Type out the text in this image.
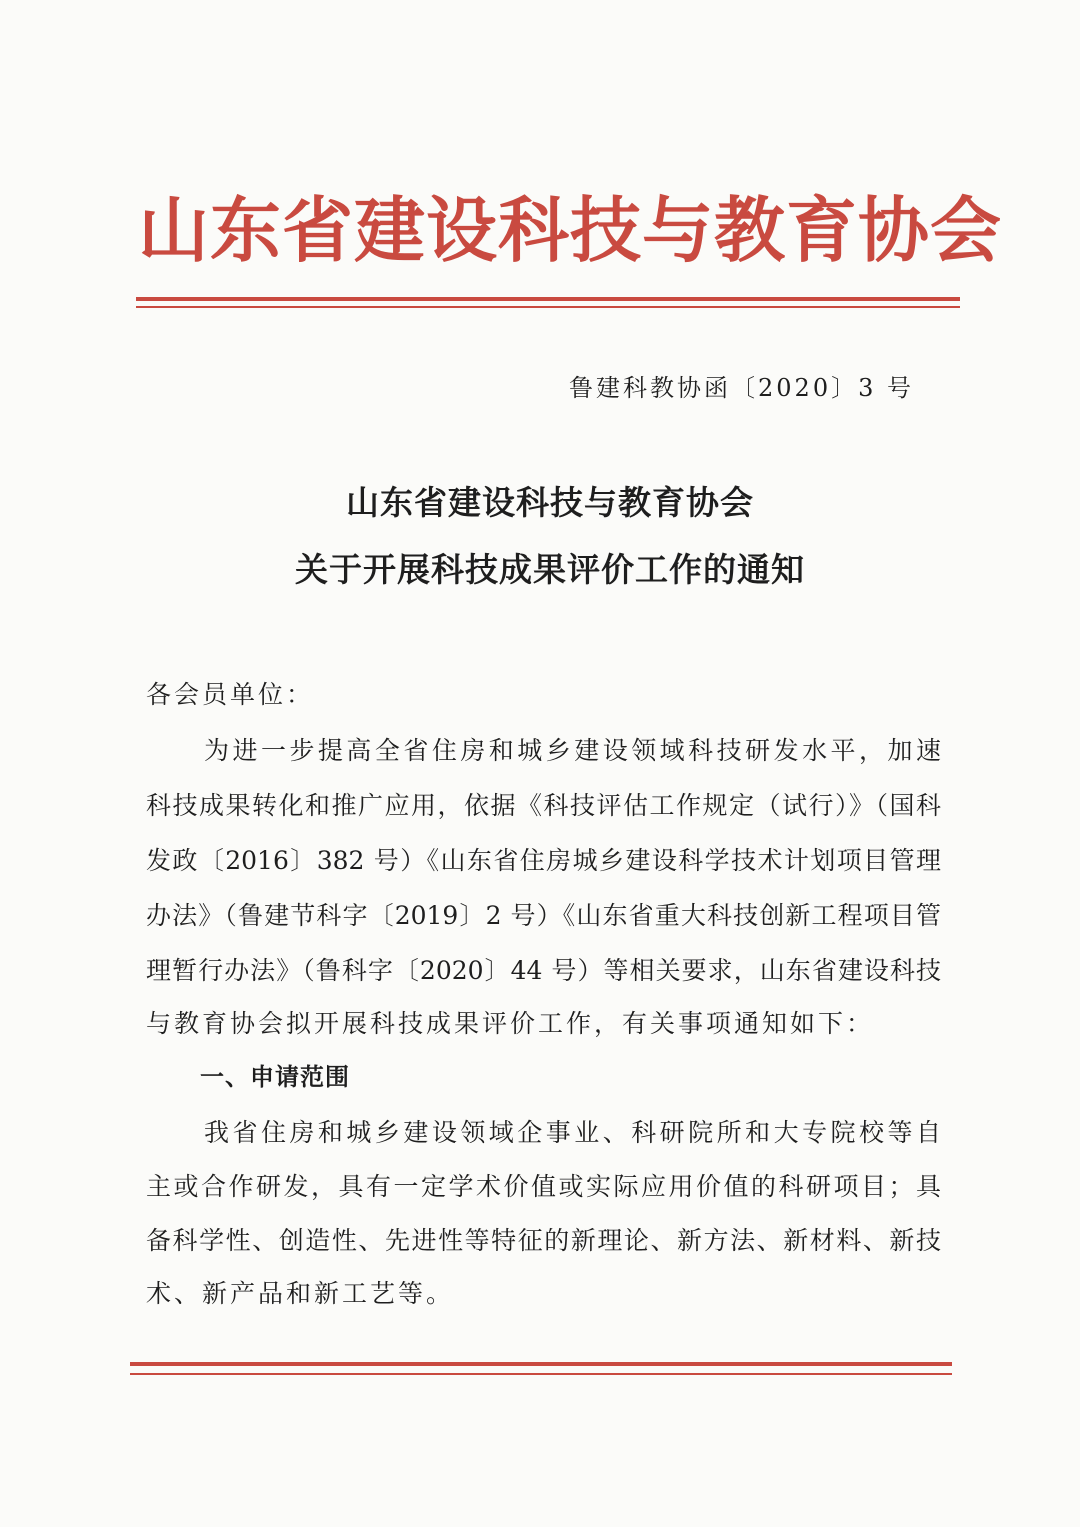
山东省建设科技与教育协会
鲁建科教协函〔2020〕3 号
山东省建设科技与教育协会
关于开展科技成果评价工作的通知
各会员单位：
为进一步提高全省住房和城乡建设领域科技研发水平，加速
科技成果转化和推广应用，依据《科技评估工作规定（试行）》（国科
发政〔2016〕382 号）《山东省住房城乡建设科学技术计划项目管理
办法》（鲁建节科字〔2019〕2 号）《山东省重大科技创新工程项目管
理暂行办法》（鲁科字〔2020〕44 号）等相关要求，山东省建设科技
与教育协会拟开展科技成果评价工作，有关事项通知如下：
一、申请范围
我省住房和城乡建设领域企事业、科研院所和大专院校等自
主或合作研发，具有一定学术价值或实际应用价值的科研项目；具
备科学性、创造性、先进性等特征的新理论、新方法、新材料、新技
术、新产品和新工艺等。
